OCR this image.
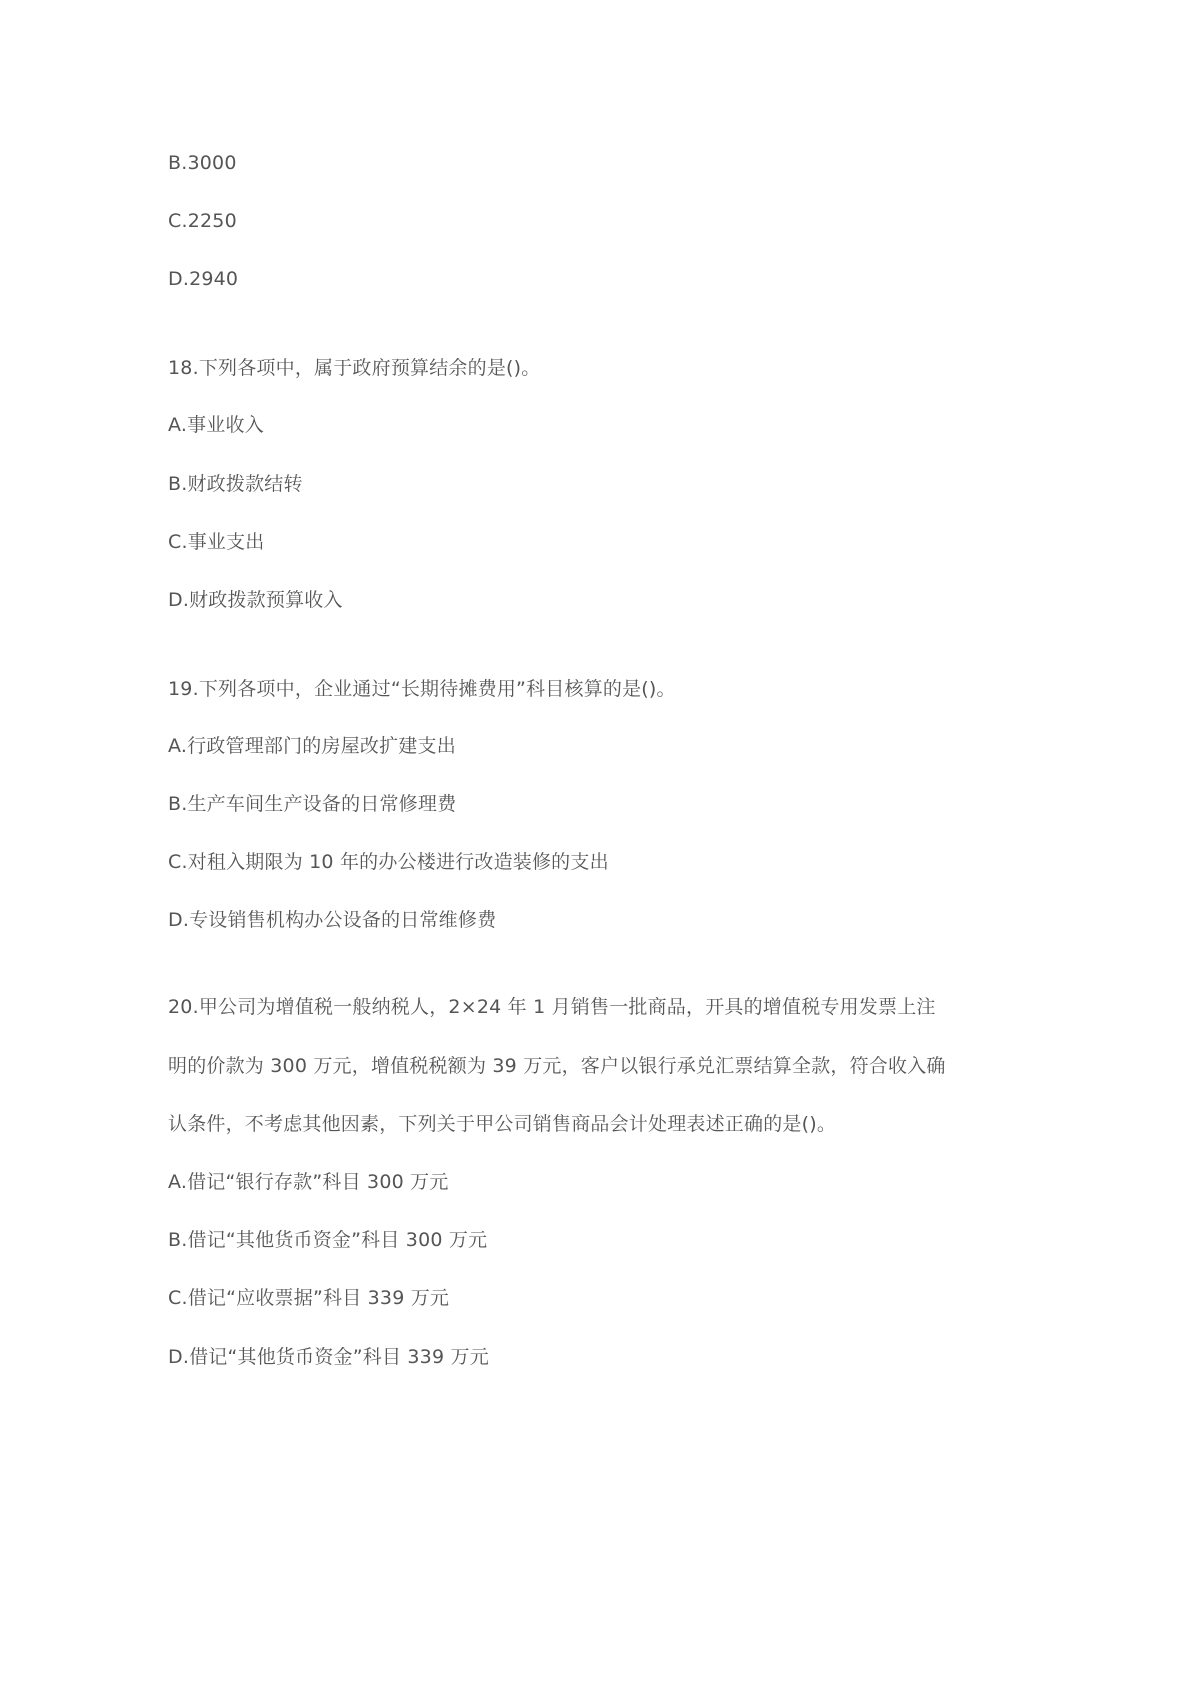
B.3000
C.2250
D.2940
18.下列各项中，属于政府预算结余的是()。
A.事业收入
B.财政拨款结转
C.事业支出
D.财政拨款预算收入
19.下列各项中，企业通过“长期待摊费用”科目核算的是()。
A.行政管理部门的房屋改扩建支出
B.生产车间生产设备的日常修理费
C.对租入期限为 10 年的办公楼进行改造装修的支出
D.专设销售机构办公设备的日常维修费
20.甲公司为增值税一般纳税人，2×24 年 1 月销售一批商品，开具的增值税专用发票上注
明的价款为 300 万元，增值税税额为 39 万元，客户以银行承兑汇票结算全款，符合收入确
认条件，不考虑其他因素，下列关于甲公司销售商品会计处理表述正确的是()。
A.借记“银行存款”科目 300 万元
B.借记“其他货币资金”科目 300 万元
C.借记“应收票据”科目 339 万元
D.借记“其他货币资金”科目 339 万元
